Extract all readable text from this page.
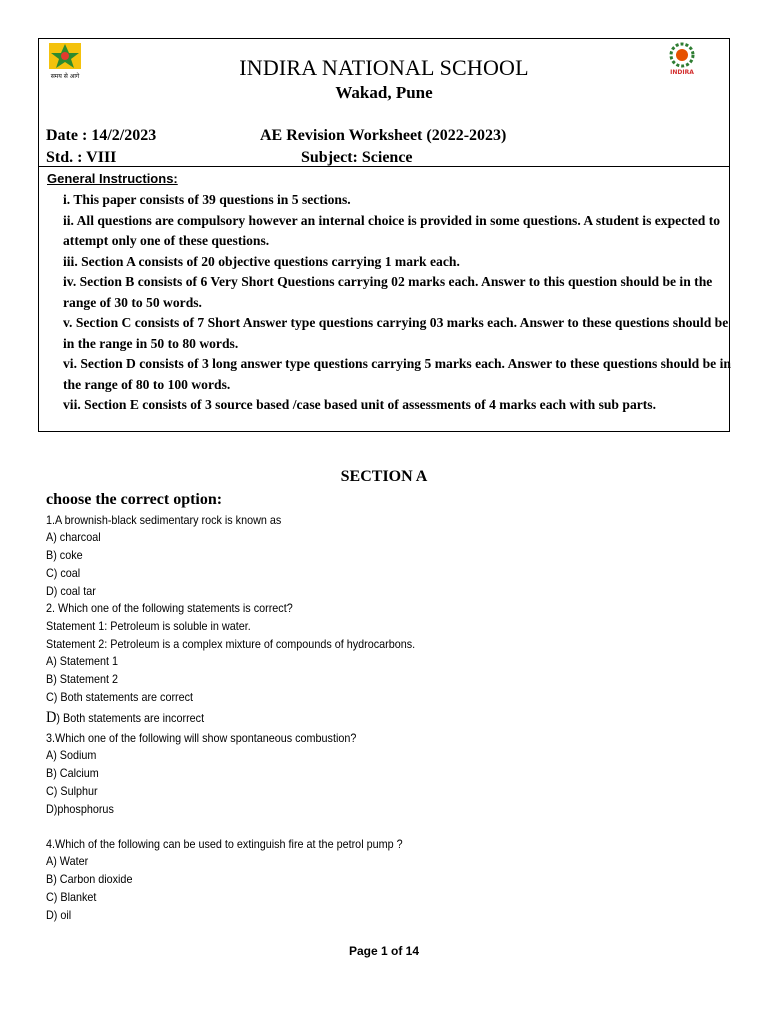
समय से आगे
INDIRA
INDIRA NATIONAL SCHOOL
Wakad, Pune
Date : 14/2/2023	AE Revision Worksheet (2022-2023)
Std. : VIII	Subject: Science
General Instructions:
i. This paper consists of 39 questions in 5 sections.
ii. All questions are compulsory however an internal choice is provided in some questions. A student is expected to attempt only one of these questions.
iii. Section A consists of 20 objective questions carrying 1 mark each.
iv. Section B consists of 6 Very Short Questions carrying 02 marks each. Answer to this question should be in the range of 30 to 50 words.
v. Section C consists of 7 Short Answer type questions carrying 03 marks each. Answer to these questions should be in the range in 50 to 80 words.
vi. Section D consists of 3 long answer type questions carrying 5 marks each. Answer to these questions should be in the range of 80 to 100 words.
vii. Section E consists of 3 source based /case based unit of assessments of 4 marks each with sub parts.
SECTION A
choose the correct option:
1.A brownish-black sedimentary rock is known as
A) charcoal
B) coke
C) coal
D) coal tar
2. Which one of the following statements is correct?
Statement 1: Petroleum is soluble in water.
Statement 2: Petroleum is a complex mixture of compounds of hydrocarbons.
A) Statement 1
B) Statement 2
C) Both statements are correct
D) Both statements are incorrect
3.Which one of the following will show spontaneous combustion?
A) Sodium
B) Calcium
C) Sulphur
D)phosphorus
4.Which of the following can be used to extinguish fire at the petrol pump ?
A) Water
B) Carbon dioxide
C) Blanket
D) oil
Page 1 of 14
